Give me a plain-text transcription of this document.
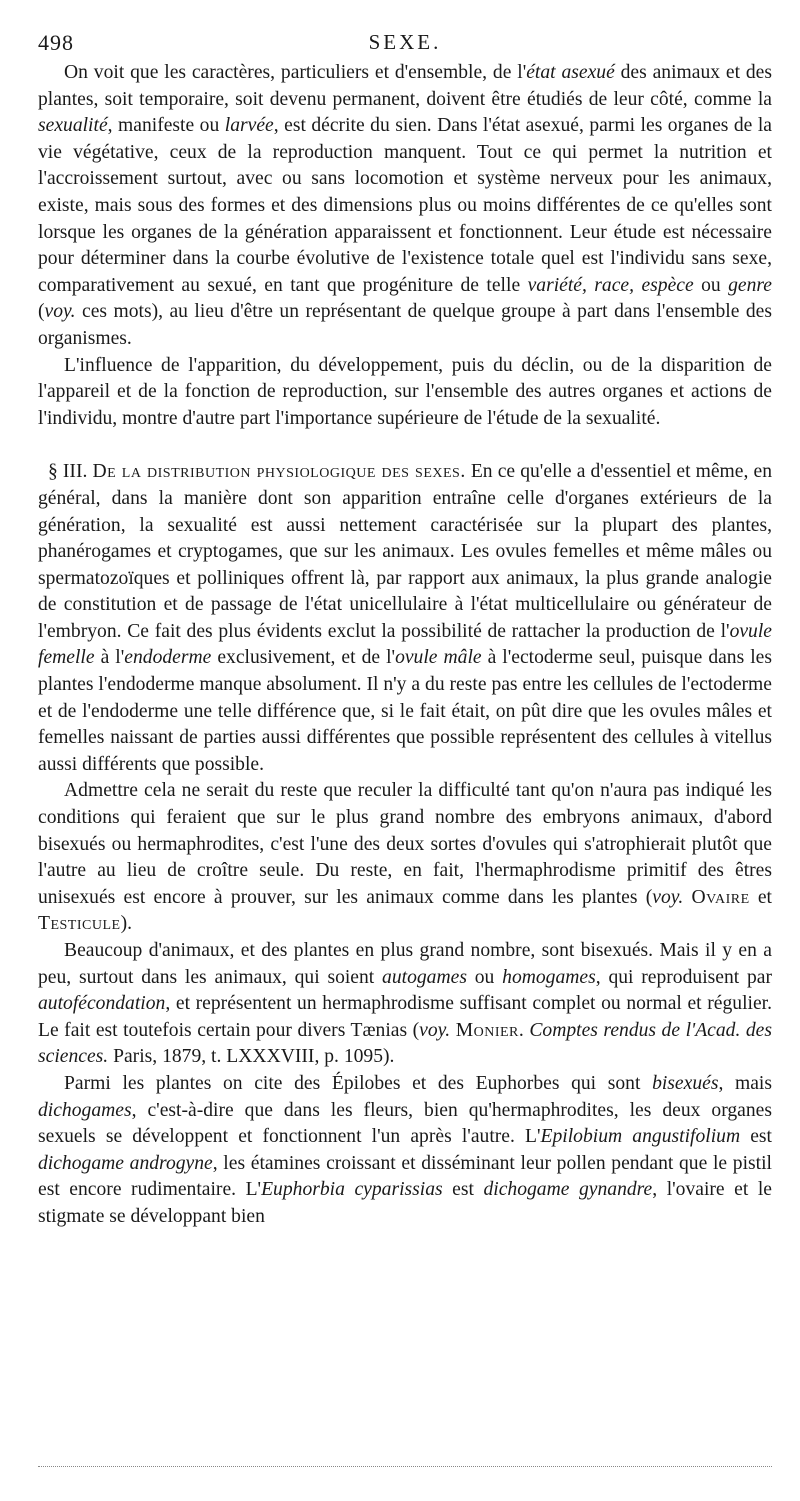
498	SEXE.

On voit que les caractères, particuliers et d'ensemble, de l'état asexué des animaux et des plantes, soit temporaire, soit devenu permanent, doivent être étudiés de leur côté, comme la sexualité, manifeste ou larvée, est décrite du sien. Dans l'état asexué, parmi les organes de la vie végétative, ceux de la reproduction manquent. Tout ce qui permet la nutrition et l'accroissement surtout, avec ou sans locomotion et système nerveux pour les animaux, existe, mais sous des formes et des dimensions plus ou moins différentes de ce qu'elles sont lorsque les organes de la génération apparaissent et fonctionnent. Leur étude est nécessaire pour déterminer dans la courbe évolutive de l'existence totale quel est l'individu sans sexe, comparativement au sexué, en tant que progéniture de telle variété, race, espèce ou genre (voy. ces mots), au lieu d'être un représentant de quelque groupe à part dans l'ensemble des organismes.

L'influence de l'apparition, du développement, puis du déclin, ou de la disparition de l'appareil et de la fonction de reproduction, sur l'ensemble des autres organes et actions de l'individu, montre d'autre part l'importance supérieure de l'étude de la sexualité.

§ III. De la distribution physiologique des sexes. En ce qu'elle a d'essentiel et même, en général, dans la manière dont son apparition entraîne celle d'organes extérieurs de la génération, la sexualité est aussi nettement caractérisée sur la plupart des plantes, phanérogames et cryptogames, que sur les animaux. Les ovules femelles et même mâles ou spermatozoïques et polliniques offrent là, par rapport aux animaux, la plus grande analogie de constitution et de passage de l'état unicellulaire à l'état multicellulaire ou générateur de l'embryon. Ce fait des plus évidents exclut la possibilité de rattacher la production de l'ovule femelle à l'endoderme exclusivement, et de l'ovule mâle à l'ectoderme seul, puisque dans les plantes l'endoderme manque absolument. Il n'y a du reste pas entre les cellules de l'ectoderme et de l'endoderme une telle différence que, si le fait était, on pût dire que les ovules mâles et femelles naissant de parties aussi différentes que possible représentent des cellules à vitellus aussi différents que possible.

Admettre cela ne serait du reste que reculer la difficulté tant qu'on n'aura pas indiqué les conditions qui feraient que sur le plus grand nombre des embryons animaux, d'abord bisexués ou hermaphrodites, c'est l'une des deux sortes d'ovules qui s'atrophierait plutôt que l'autre au lieu de croître seule. Du reste, en fait, l'hermaphrodisme primitif des êtres unisexués est encore à prouver, sur les animaux comme dans les plantes (voy. Ovaire et Testicule).

Beaucoup d'animaux, et des plantes en plus grand nombre, sont bisexués. Mais il y en a peu, surtout dans les animaux, qui soient autogames ou homogames, qui reproduisent par autofécondation, et représentent un hermaphrodisme suffisant complet ou normal et régulier. Le fait est toutefois certain pour divers Tænias (voy. Monier. Comptes rendus de l'Acad. des sciences. Paris, 1879, t. LXXXVIII, p. 1095).

Parmi les plantes on cite des Épilobes et des Euphorbes qui sont bisexués, mais dichogames, c'est-à-dire que dans les fleurs, bien qu'hermaphrodites, les deux organes sexuels se développent et fonctionnent l'un après l'autre. L'Epilobium angustifolium est dichogame androgyne, les étamines croissant et disséminant leur pollen pendant que le pistil est encore rudimentaire. L'Euphorbia cyparissias est dichogame gynandre, l'ovaire et le stigmate se développant bien
